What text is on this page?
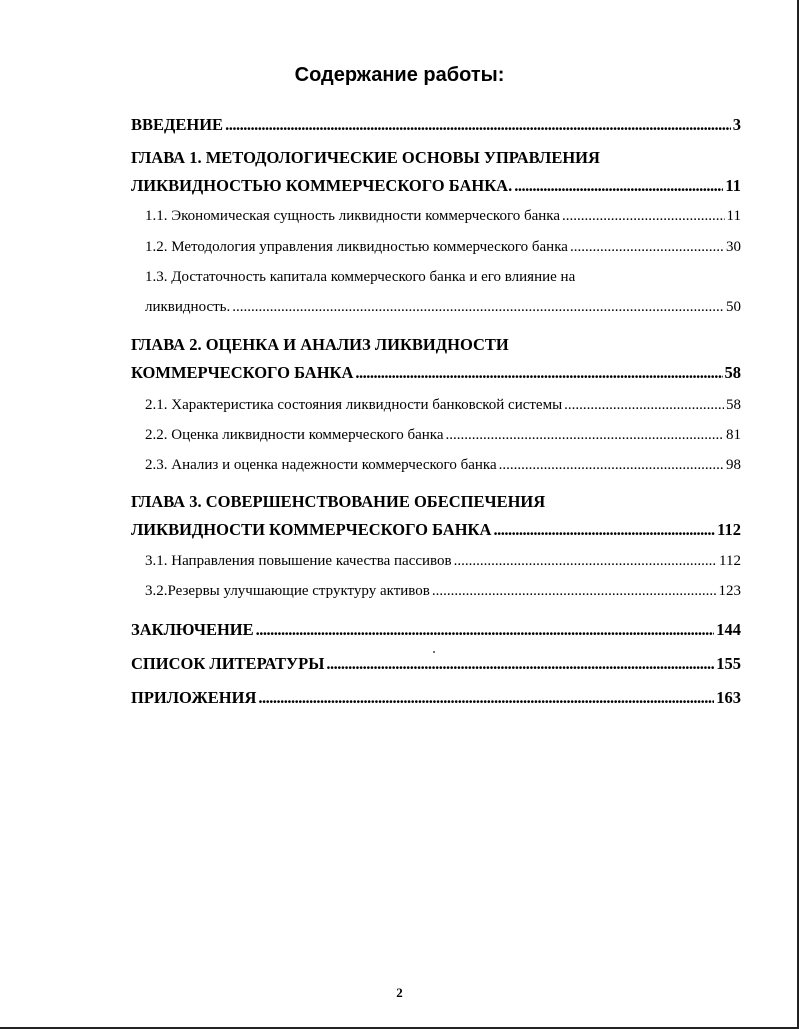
Содержание работы:
ВВЕДЕНИЕ .....	3
ГЛАВА 1. МЕТОДОЛОГИЧЕСКИЕ ОСНОВЫ УПРАВЛЕНИЯ
ЛИКВИДНОСТЬЮ КОММЕРЧЕСКОГО БАНКА. .....	11
1.1. Экономическая сущность ликвидности коммерческого банка .....	11
1.2. Методология управления ликвидностью коммерческого банка .....	30
1.3. Достаточность капитала коммерческого банка и его влияние на
ликвидность. .....	50
ГЛАВА 2. ОЦЕНКА И АНАЛИЗ ЛИКВИДНОСТИ
КОММЕРЧЕСКОГО БАНКА .....	58
2.1. Характеристика состояния ликвидности банковской системы .....	58
2.2. Оценка ликвидности коммерческого банка .....	81
2.3. Анализ и оценка надежности коммерческого банка .....	98
ГЛАВА 3. СОВЕРШЕНСТВОВАНИЕ ОБЕСПЕЧЕНИЯ
ЛИКВИДНОСТИ КОММЕРЧЕСКОГО БАНКА .....	112
3.1. Направления повышение качества пассивов .....	112
3.2.Резервы улучшающие структуру активов .....	123
ЗАКЛЮЧЕНИЕ .....	144
СПИСОК ЛИТЕРАТУРЫ .....	155
ПРИЛОЖЕНИЯ .....	163
2
